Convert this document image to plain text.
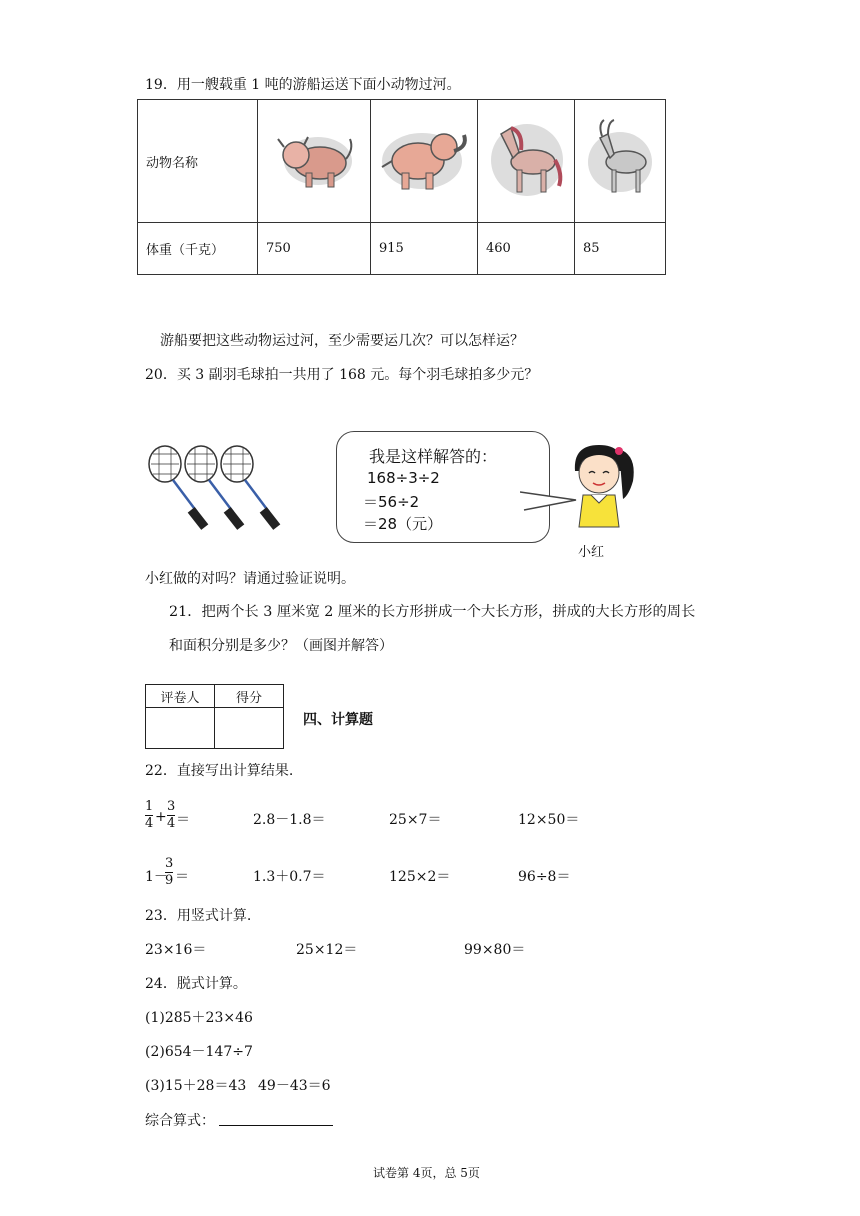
19．用一艘载重 1 吨的游船运送下面小动物过河。
动物名称				
体重（千克）	750	915	460	85
游船要把这些动物运过河，至少需要运几次？可以怎样运？
20．买 3 副羽毛球拍一共用了 168 元。每个羽毛球拍多少元？
我是这样解答的：
168÷3÷2
＝56÷2
＝28（元）
小红
小红做的对吗？请通过验证说明。
21．把两个长 3 厘米宽 2 厘米的长方形拼成一个大长方形，拼成的大长方形的周长
和面积分别是多少？（画图并解答）
评卷人	得分

四、计算题
22．直接写出计算结果.
1
4 +
3
4 ＝	2.8－1.8＝	25×7＝	12×50＝
1－
3
9 ＝	1.3＋0.7＝	125×2＝	96÷8＝
23．用竖式计算.
23×16＝	25×12＝	99×80＝
24．脱式计算。
(1)285＋23×46
(2)654－147÷7
(3)15＋28＝43 49－43＝6
综合算式：
试卷第 4页，总 5页
